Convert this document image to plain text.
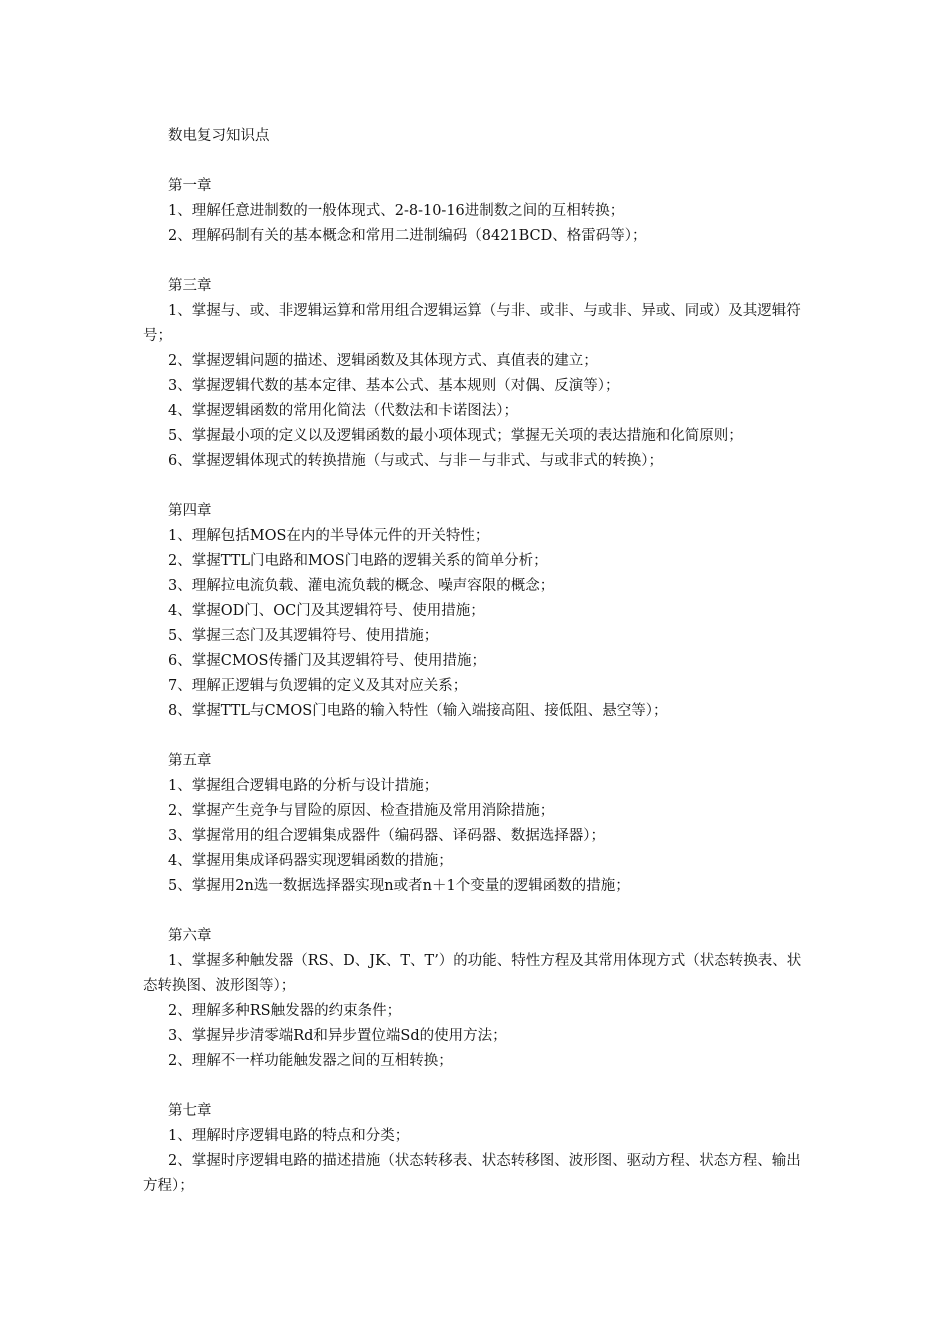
数电复习知识点
第一章
1、理解任意进制数的一般体现式、2-8-10-16进制数之间的互相转换；
2、理解码制有关的基本概念和常用二进制编码（8421BCD、格雷码等）；
第三章
1、掌握与、或、非逻辑运算和常用组合逻辑运算（与非、或非、与或非、异或、同或）及其逻辑符号；
2、掌握逻辑问题的描述、逻辑函数及其体现方式、真值表的建立；
3、掌握逻辑代数的基本定律、基本公式、基本规则（对偶、反演等）；
4、掌握逻辑函数的常用化简法（代数法和卡诺图法）；
5、掌握最小项的定义以及逻辑函数的最小项体现式；掌握无关项的表达措施和化简原则；
6、掌握逻辑体现式的转换措施（与或式、与非－与非式、与或非式的转换）；
第四章
1、理解包括MOS在内的半导体元件的开关特性；
2、掌握TTL门电路和MOS门电路的逻辑关系的简单分析；
3、理解拉电流负载、灌电流负载的概念、噪声容限的概念；
4、掌握OD门、OC门及其逻辑符号、使用措施；
5、掌握三态门及其逻辑符号、使用措施；
6、掌握CMOS传播门及其逻辑符号、使用措施；
7、理解正逻辑与负逻辑的定义及其对应关系；
8、掌握TTL与CMOS门电路的输入特性（输入端接高阻、接低阻、悬空等）；
第五章
1、掌握组合逻辑电路的分析与设计措施；
2、掌握产生竞争与冒险的原因、检查措施及常用消除措施；
3、掌握常用的组合逻辑集成器件（编码器、译码器、数据选择器）；
4、掌握用集成译码器实现逻辑函数的措施；
5、掌握用2n选一数据选择器实现n或者n＋1个变量的逻辑函数的措施；
第六章
1、掌握多种触发器（RS、D、JK、T、T’）的功能、特性方程及其常用体现方式（状态转换表、状态转换图、波形图等）；
2、理解多种RS触发器的约束条件；
3、掌握异步清零端Rd和异步置位端Sd的使用方法；
2、理解不一样功能触发器之间的互相转换；
第七章
1、理解时序逻辑电路的特点和分类；
2、掌握时序逻辑电路的描述措施（状态转移表、状态转移图、波形图、驱动方程、状态方程、输出方程）；
